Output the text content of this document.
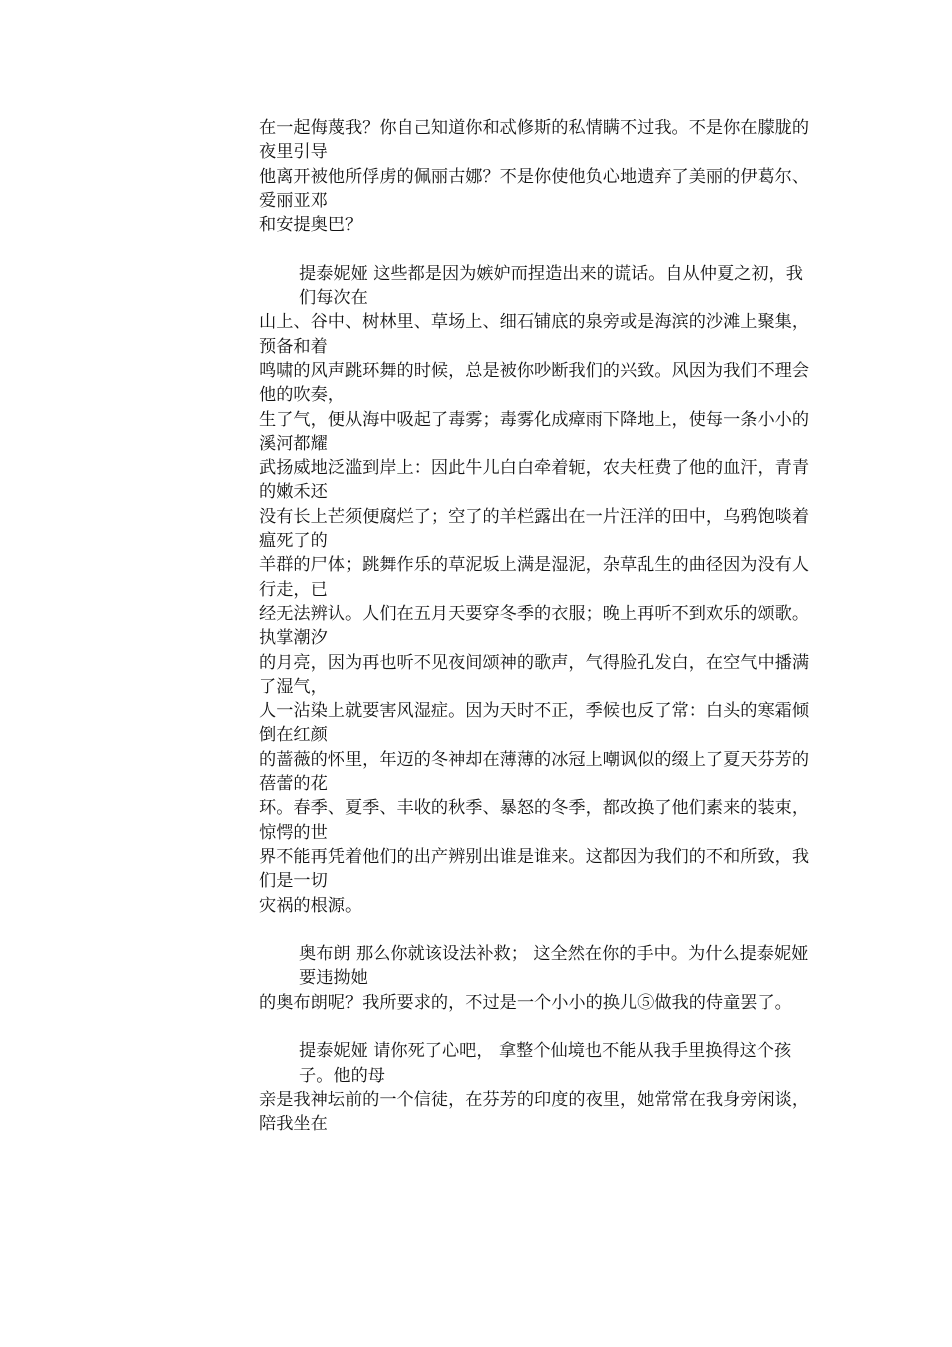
在一起侮蔑我？你自己知道你和忒修斯的私情瞒不过我。不是你在朦胧的夜里引导
他离开被他所俘虏的佩丽古娜？不是你使他负心地遗弃了美丽的伊葛尔、爱丽亚邓
和安提奥巴？
提泰妮娅 这些都是因为嫉妒而捏造出来的谎话。自从仲夏之初，我们每次在
山上、谷中、树林里、草场上、细石铺底的泉旁或是海滨的沙滩上聚集，预备和着
鸣啸的风声跳环舞的时候，总是被你吵断我们的兴致。风因为我们不理会他的吹奏，
生了气，便从海中吸起了毒雾；毒雾化成瘴雨下降地上，使每一条小小的溪河都耀
武扬威地泛滥到岸上：因此牛儿白白牵着轭，农夫枉费了他的血汗，青青的嫩禾还
没有长上芒须便腐烂了；空了的羊栏露出在一片汪洋的田中，乌鸦饱啖着瘟死了的
羊群的尸体；跳舞作乐的草泥坂上满是湿泥，杂草乱生的曲径因为没有人行走，已
经无法辨认。人们在五月天要穿冬季的衣服；晚上再听不到欢乐的颂歌。执掌潮汐
的月亮，因为再也听不见夜间颂神的歌声，气得脸孔发白，在空气中播满了湿气，
人一沾染上就要害风湿症。因为天时不正，季候也反了常：白头的寒霜倾倒在红颜
的蔷薇的怀里，年迈的冬神却在薄薄的冰冠上嘲讽似的缀上了夏天芬芳的蓓蕾的花
环。春季、夏季、丰收的秋季、暴怒的冬季，都改换了他们素来的装束，惊愕的世
界不能再凭着他们的出产辨别出谁是谁来。这都因为我们的不和所致，我们是一切
灾祸的根源。
奥布朗 那么你就该设法补救； 这全然在你的手中。为什么提泰妮娅要违拗她
的奥布朗呢？我所要求的，不过是一个小小的换儿⑤做我的侍童罢了。
提泰妮娅 请你死了心吧， 拿整个仙境也不能从我手里换得这个孩子。他的母
亲是我神坛前的一个信徒，在芬芳的印度的夜里，她常常在我身旁闲谈，陪我坐在
